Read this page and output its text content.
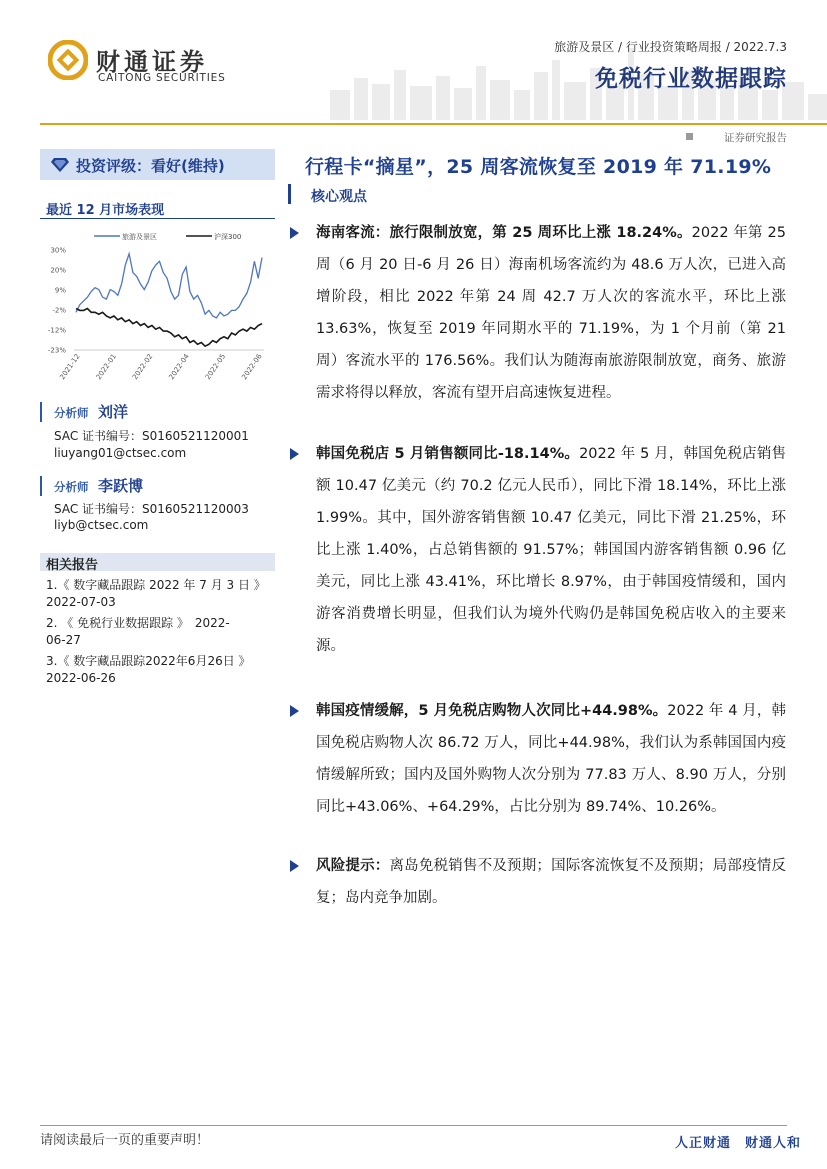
财通证券
CAITONG SECURITIES
旅游及景区 / 行业投资策略周报 / 2022.7.3
免税行业数据跟踪
证券研究报告
投资评级：看好(维持)
最近 12 月市场表现
旅游及景区	沪深300
30%
20%
9%
-2%
-12%
-23%
2021-12 2022-01 2022-02 2022-04 2022-05 2022-06
分析师 刘洋
SAC 证书编号：S0160521120001
liuyang01@ctsec.com
分析师 李跃博
SAC 证书编号：S0160521120003
liyb@ctsec.com
相关报告
1.《 数字藏品跟踪 2022 年 7 月 3 日 》
2022-07-03
2. 《 免税行业数据跟踪 》　2022-
06-27
3.《 数字藏品跟踪2022年6月26日 》
2022-06-26
行程卡“摘星”，25 周客流恢复至 2019 年 71.19%
核心观点
海南客流：旅行限制放宽，第 25 周环比上涨 18.24%。2022 年第 25 周（6 月 20 日-6 月 26 日）海南机场客流约为 48.6 万人次，已进入高增阶段，相比 2022 年第 24 周 42.7 万人次的客流水平，环比上涨 13.63%，恢复至 2019 年同期水平的 71.19%，为 1 个月前（第 21 周）客流水平的 176.56%。我们认为随海南旅游限制放宽，商务、旅游需求将得以释放，客流有望开启高速恢复进程。
韩国免税店 5 月销售额同比-18.14%。2022 年 5 月，韩国免税店销售额 10.47 亿美元（约 70.2 亿元人民币），同比下滑 18.14%，环比上涨 1.99%。其中，国外游客销售额 10.47 亿美元，同比下滑 21.25%，环比上涨 1.40%，占总销售额的 91.57%；韩国国内游客销售额 0.96 亿美元，同比上涨 43.41%，环比增长 8.97%，由于韩国疫情缓和，国内游客消费增长明显，但我们认为境外代购仍是韩国免税店收入的主要来源。
韩国疫情缓解，5 月免税店购物人次同比+44.98%。2022 年 4 月，韩国免税店购物人次 86.72 万人，同比+44.98%，我们认为系韩国国内疫情缓解所致；国内及国外购物人次分别为 77.83 万人、8.90 万人，分别同比+43.06%、+64.29%，占比分别为 89.74%、10.26%。
风险提示：离岛免税销售不及预期；国际客流恢复不及预期；局部疫情反复；岛内竞争加剧。
请阅读最后一页的重要声明！	人正财通　财通人和
